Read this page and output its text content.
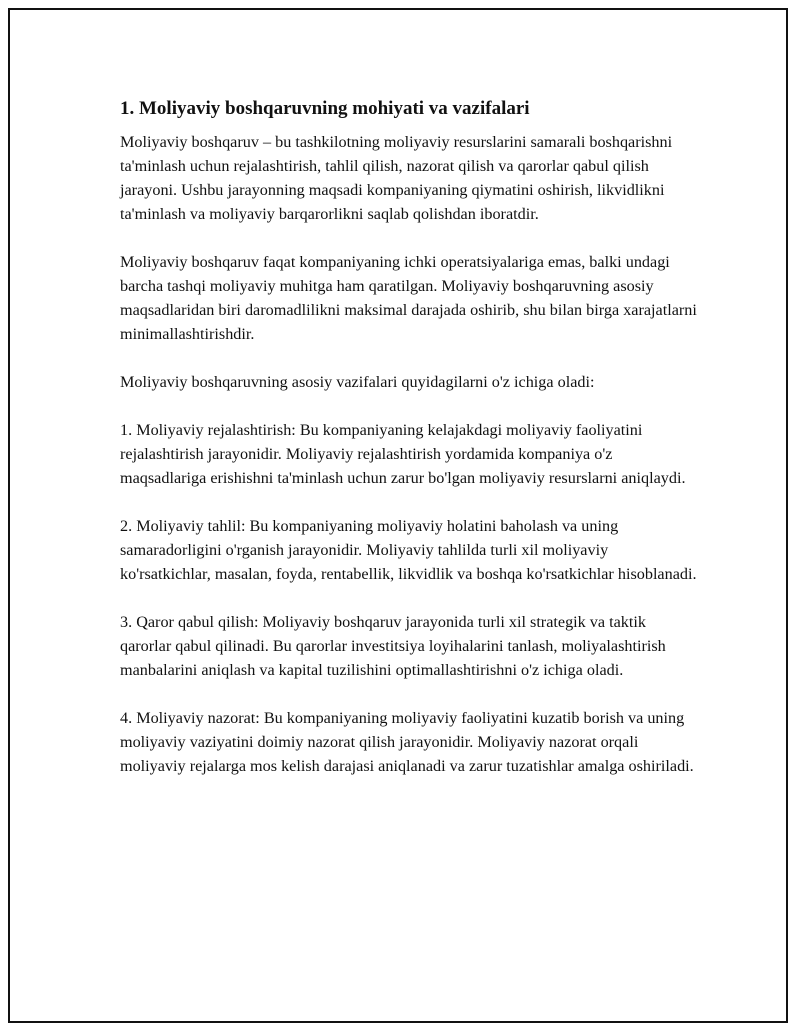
1. Moliyaviy boshqaruvning mohiyati va vazifalari

Moliyaviy boshqaruv – bu tashkilotning moliyaviy resurslarini samarali boshqarishni ta'minlash uchun rejalashtirish, tahlil qilish, nazorat qilish va qarorlar qabul qilish jarayoni. Ushbu jarayonning maqsadi kompaniyaning qiymatini oshirish, likvidlikni ta'minlash va moliyaviy barqarorlikni saqlab qolishdan iboratdir.

Moliyaviy boshqaruv faqat kompaniyaning ichki operatsiyalariga emas, balki undagi barcha tashqi moliyaviy muhitga ham qaratilgan. Moliyaviy boshqaruvning asosiy maqsadlaridan biri daromadlilikni maksimal darajada oshirib, shu bilan birga xarajatlarni minimallashtirishdir.

Moliyaviy boshqaruvning asosiy vazifalari quyidagilarni o'z ichiga oladi:

1. Moliyaviy rejalashtirish: Bu kompaniyaning kelajakdagi moliyaviy faoliyatini rejalashtirish jarayonidir. Moliyaviy rejalashtirish yordamida kompaniya o'z maqsadlariga erishishni ta'minlash uchun zarur bo'lgan moliyaviy resurslarni aniqlaydi.

2. Moliyaviy tahlil: Bu kompaniyaning moliyaviy holatini baholash va uning samaradorligini o'rganish jarayonidir. Moliyaviy tahlilda turli xil moliyaviy ko'rsatkichlar, masalan, foyda, rentabellik, likvidlik va boshqa ko'rsatkichlar hisoblanadi.

3. Qaror qabul qilish: Moliyaviy boshqaruv jarayonida turli xil strategik va taktik qarorlar qabul qilinadi. Bu qarorlar investitsiya loyihalarini tanlash, moliyalashtirish manbalarini aniqlash va kapital tuzilishini optimallashtirishni o'z ichiga oladi.

4. Moliyaviy nazorat: Bu kompaniyaning moliyaviy faoliyatini kuzatib borish va uning moliyaviy vaziyatini doimiy nazorat qilish jarayonidir. Moliyaviy nazorat orqali moliyaviy rejalarga mos kelish darajasi aniqlanadi va zarur tuzatishlar amalga oshiriladi.
